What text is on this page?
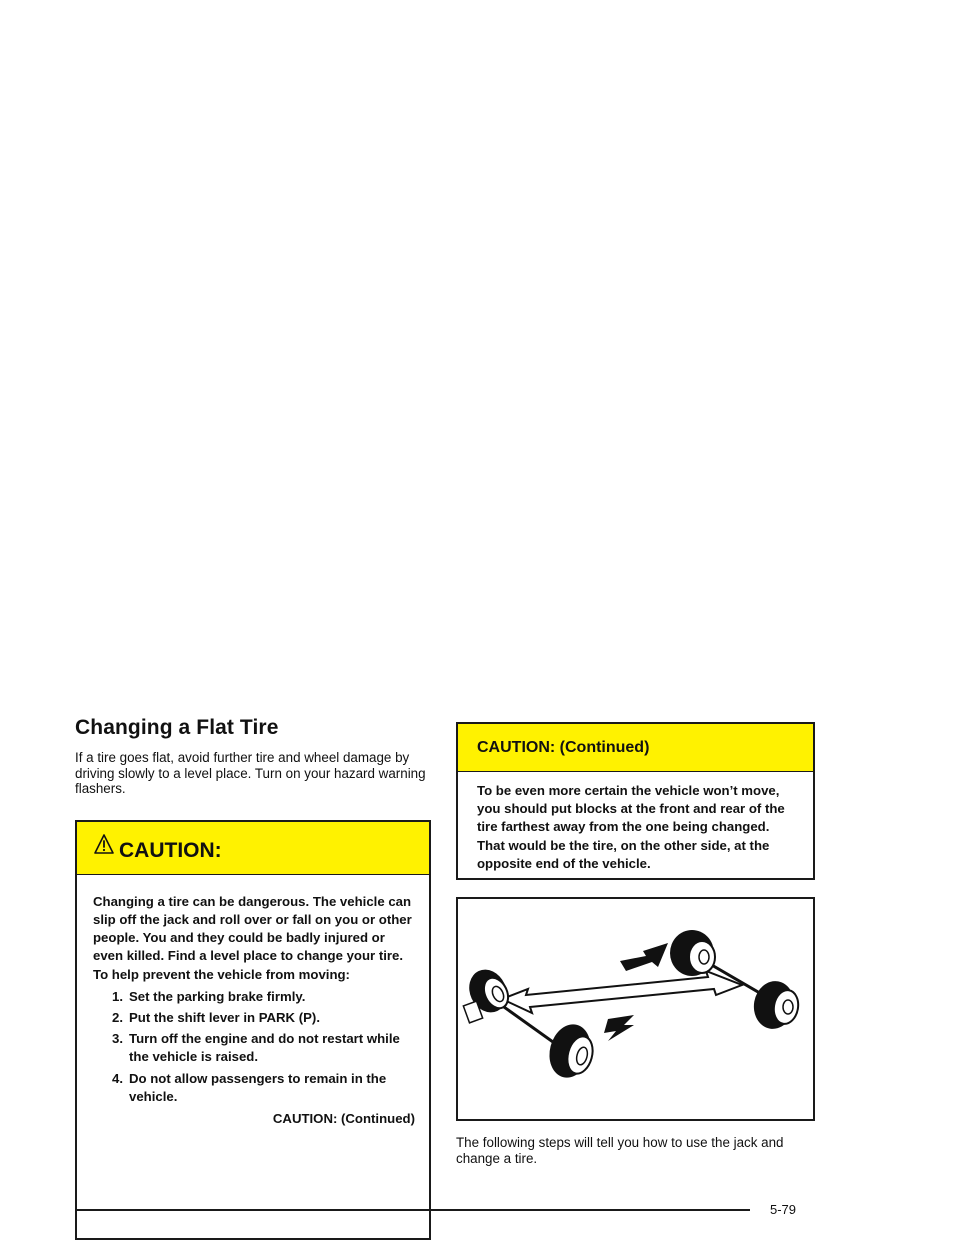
Changing a Flat Tire

If a tire goes flat, avoid further tire and wheel damage by driving slowly to a level place. Turn on your hazard warning flashers.

CAUTION:
Changing a tire can be dangerous. The vehicle can slip off the jack and roll over or fall on you or other people. You and they could be badly injured or even killed. Find a level place to change your tire. To help prevent the vehicle from moving:
1. Set the parking brake firmly.
2. Put the shift lever in PARK (P).
3. Turn off the engine and do not restart while the vehicle is raised.
4. Do not allow passengers to remain in the vehicle.
CAUTION: (Continued)
CAUTION: (Continued)
To be even more certain the vehicle won’t move, you should put blocks at the front and rear of the tire farthest away from the one being changed. That would be the tire, on the other side, at the opposite end of the vehicle.

The following steps will tell you how to use the jack and change a tire.

5-79
